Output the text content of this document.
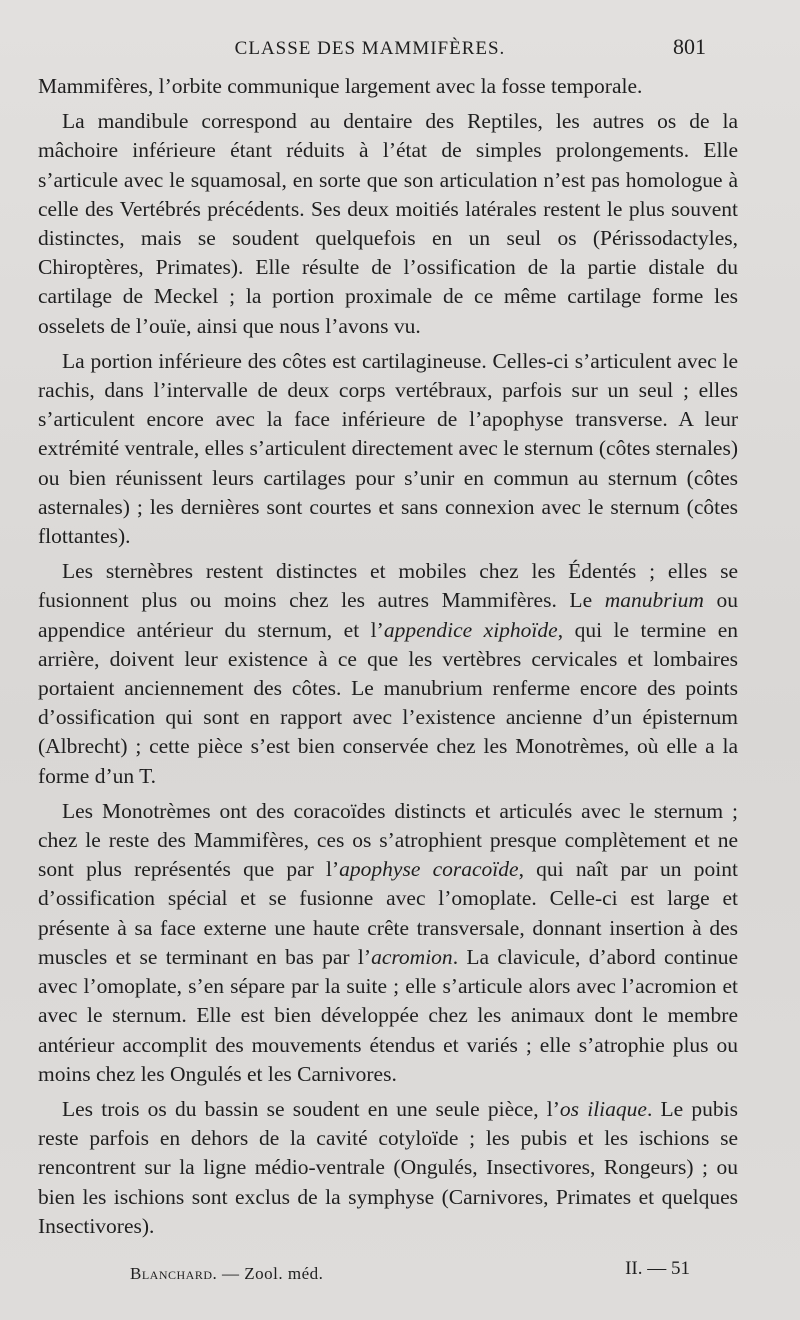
CLASSE DES MAMMIFÈRES.	801

Mammifères, l’orbite communique largement avec la fosse temporale.

La mandibule correspond au dentaire des Reptiles, les autres os de la mâchoire inférieure étant réduits à l’état de simples prolongements. Elle s’articule avec le squamosal, en sorte que son articulation n’est pas homologue à celle des Vertébrés précédents. Ses deux moitiés latérales restent le plus souvent distinctes, mais se soudent quelquefois en un seul os (Périssodactyles, Chiroptères, Primates). Elle résulte de l’ossification de la partie distale du cartilage de Meckel ; la portion proximale de ce même cartilage forme les osselets de l’ouïe, ainsi que nous l’avons vu.

La portion inférieure des côtes est cartilagineuse. Celles-ci s’articulent avec le rachis, dans l’intervalle de deux corps vertébraux, parfois sur un seul ; elles s’articulent encore avec la face inférieure de l’apophyse transverse. A leur extrémité ventrale, elles s’articulent directement avec le sternum (côtes sternales) ou bien réunissent leurs cartilages pour s’unir en commun au sternum (côtes asternales) ; les dernières sont courtes et sans connexion avec le sternum (côtes flottantes).

Les sternèbres restent distinctes et mobiles chez les Édentés ; elles se fusionnent plus ou moins chez les autres Mammifères. Le manubrium ou appendice antérieur du sternum, et l’appendice xiphoïde, qui le termine en arrière, doivent leur existence à ce que les vertèbres cervicales et lombaires portaient anciennement des côtes. Le manubrium renferme encore des points d’ossification qui sont en rapport avec l’existence ancienne d’un épisternum (Albrecht) ; cette pièce s’est bien conservée chez les Monotrèmes, où elle a la forme d’un T.

Les Monotrèmes ont des coracoïdes distincts et articulés avec le sternum ; chez le reste des Mammifères, ces os s’atrophient presque complètement et ne sont plus représentés que par l’apophyse coracoïde, qui naît par un point d’ossification spécial et se fusionne avec l’omoplate. Celle-ci est large et présente à sa face externe une haute crête transversale, donnant insertion à des muscles et se terminant en bas par l’acromion. La clavicule, d’abord continue avec l’omoplate, s’en sépare par la suite ; elle s’articule alors avec l’acromion et avec le sternum. Elle est bien développée chez les animaux dont le membre antérieur accomplit des mouvements étendus et variés ; elle s’atrophie plus ou moins chez les Ongulés et les Carnivores.

Les trois os du bassin se soudent en une seule pièce, l’os iliaque. Le pubis reste parfois en dehors de la cavité cotyloïde ; les pubis et les ischions se rencontrent sur la ligne médio-ventrale (Ongulés, Insectivores, Rongeurs) ; ou bien les ischions sont exclus de la symphyse (Carnivores, Primates et quelques Insectivores).

Blanchard. — Zool. méd.	II. — 51
